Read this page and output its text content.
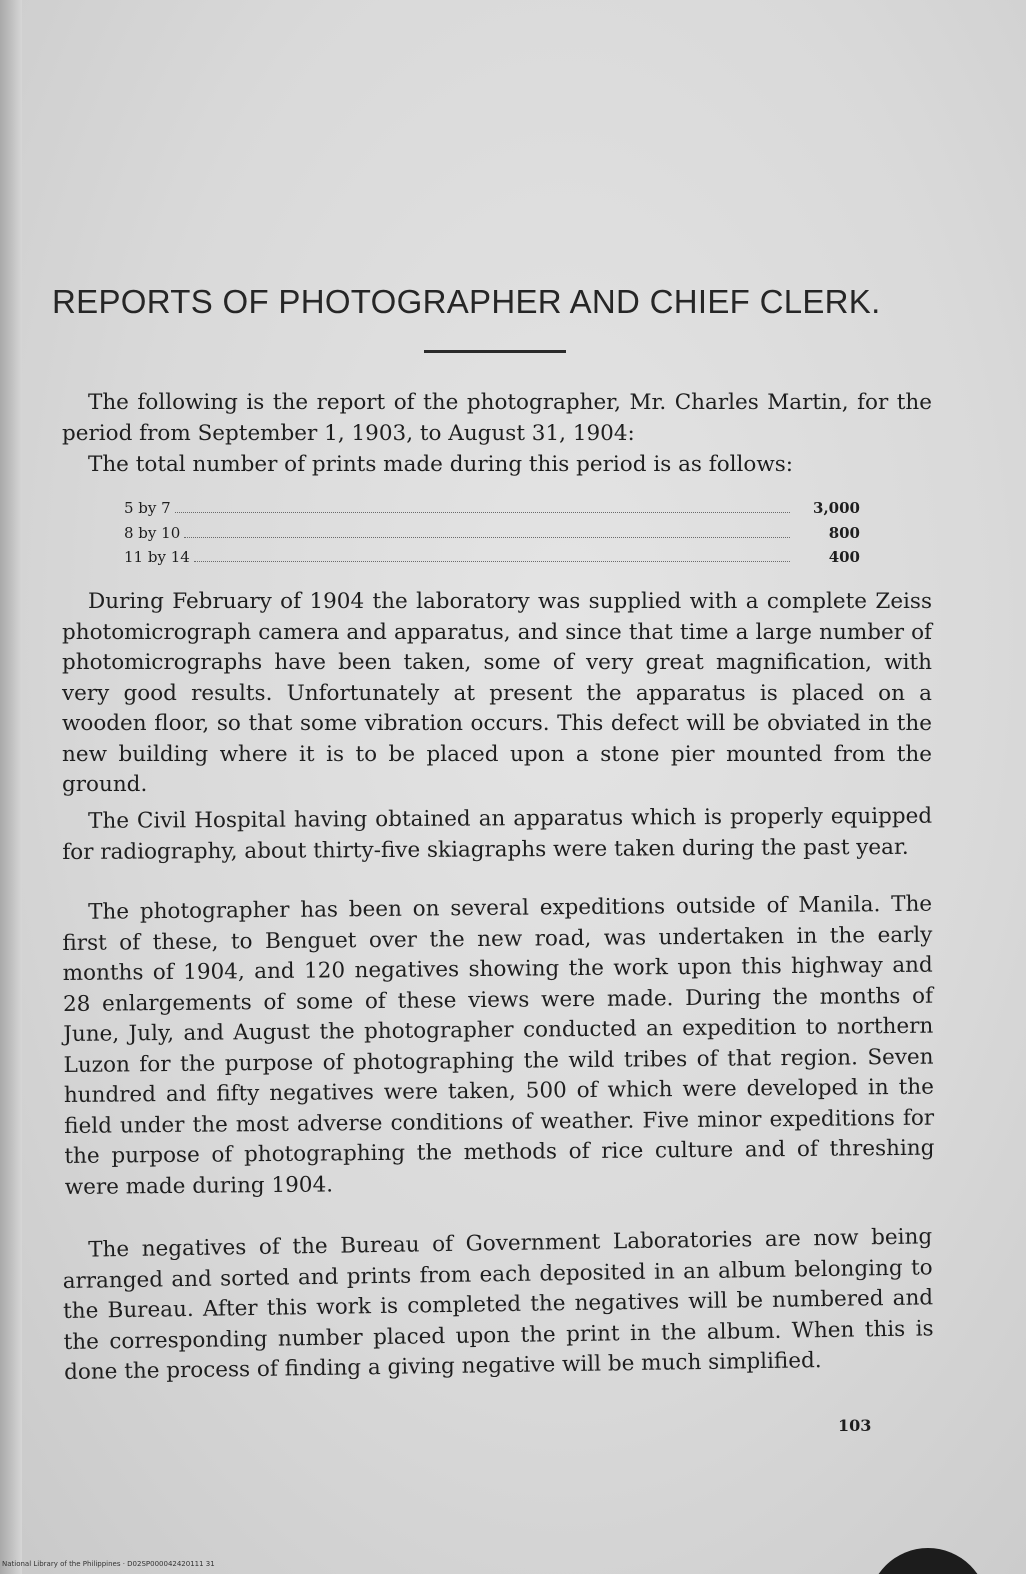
REPORTS OF PHOTOGRAPHER AND CHIEF CLERK.

The following is the report of the photographer, Mr. Charles Martin, for the period from September 1, 1903, to August 31, 1904:

The total number of prints made during this period is as follows:

5 by 7	3,000
8 by 10	800
11 by 14	400

During February of 1904 the laboratory was supplied with a complete Zeiss photomicrograph camera and apparatus, and since that time a large number of photomicrographs have been taken, some of very great magnification, with very good results. Unfortunately at present the apparatus is placed on a wooden floor, so that some vibration occurs. This defect will be obviated in the new building where it is to be placed upon a stone pier mounted from the ground.

The Civil Hospital having obtained an apparatus which is properly equipped for radiography, about thirty-five skiagraphs were taken during the past year.

The photographer has been on several expeditions outside of Manila. The first of these, to Benguet over the new road, was undertaken in the early months of 1904, and 120 negatives showing the work upon this highway and 28 enlargements of some of these views were made. During the months of June, July, and August the photographer conducted an expedition to northern Luzon for the purpose of photographing the wild tribes of that region. Seven hundred and fifty negatives were taken, 500 of which were developed in the field under the most adverse conditions of weather. Five minor expeditions for the purpose of photographing the methods of rice culture and of threshing were made during 1904.

The negatives of the Bureau of Government Laboratories are now being arranged and sorted and prints from each deposited in an album belonging to the Bureau. After this work is completed the negatives will be numbered and the corresponding number placed upon the print in the album. When this is done the process of finding a giving negative will be much simplified.

103
National Library of the Philippines · D02SP000042420111 31
